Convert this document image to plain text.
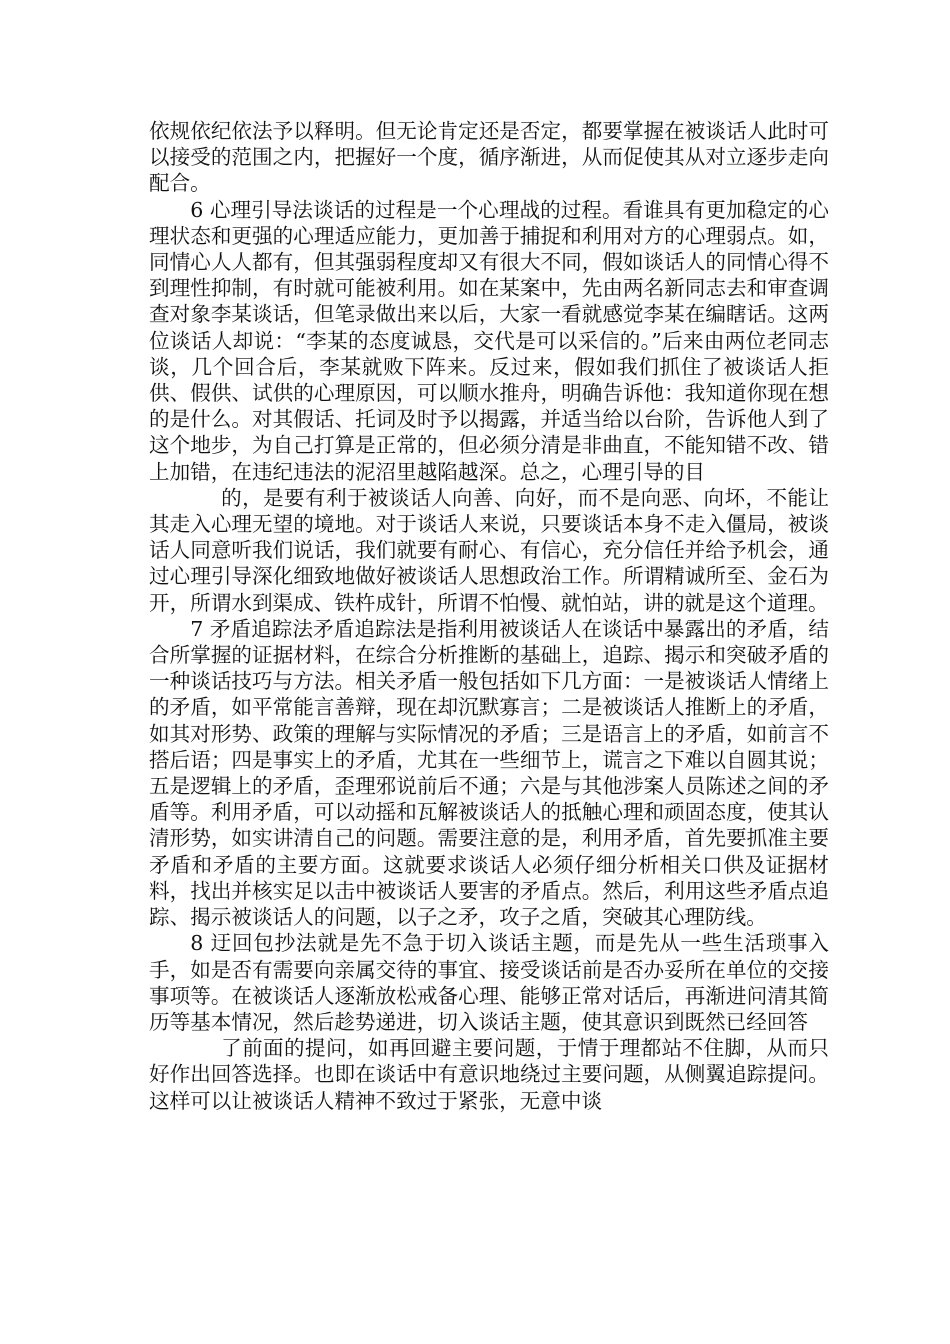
依规依纪依法予以释明。但无论肯定还是否定，都要掌握在被谈话人此时可以接受的范围之内，把握好一个度，循序渐进，从而促使其从对立逐步走向配合。

6 心理引导法谈话的过程是一个心理战的过程。看谁具有更加稳定的心理状态和更强的心理适应能力，更加善于捕捉和利用对方的心理弱点。如，同情心人人都有，但其强弱程度却又有很大不同，假如谈话人的同情心得不到理性抑制，有时就可能被利用。如在某案中，先由两名新同志去和审查调查对象李某谈话，但笔录做出来以后，大家一看就感觉李某在编瞎话。这两位谈话人却说：“李某的态度诚恳，交代是可以采信的。”后来由两位老同志谈，几个回合后，李某就败下阵来。反过来，假如我们抓住了被谈话人拒供、假供、试供的心理原因，可以顺水推舟，明确告诉他：我知道你现在想的是什么。对其假话、托词及时予以揭露，并适当给以台阶，告诉他人到了这个地步，为自己打算是正常的，但必须分清是非曲直，不能知错不改、错上加错，在违纪违法的泥沼里越陷越深。总之，心理引导的目

的，是要有利于被谈话人向善、向好，而不是向恶、向坏，不能让其走入心理无望的境地。对于谈话人来说，只要谈话本身不走入僵局，被谈话人同意听我们说话，我们就要有耐心、有信心，充分信任并给予机会，通过心理引导深化细致地做好被谈话人思想政治工作。所谓精诚所至、金石为开，所谓水到渠成、铁杵成针，所谓不怕慢、就怕站，讲的就是这个道理。

7 矛盾追踪法矛盾追踪法是指利用被谈话人在谈话中暴露出的矛盾，结合所掌握的证据材料，在综合分析推断的基础上，追踪、揭示和突破矛盾的一种谈话技巧与方法。相关矛盾一般包括如下几方面：一是被谈话人情绪上的矛盾，如平常能言善辩，现在却沉默寡言；二是被谈话人推断上的矛盾，如其对形势、政策的理解与实际情况的矛盾；三是语言上的矛盾，如前言不搭后语；四是事实上的矛盾，尤其在一些细节上，谎言之下难以自圆其说；五是逻辑上的矛盾，歪理邪说前后不通；六是与其他涉案人员陈述之间的矛盾等。利用矛盾，可以动摇和瓦解被谈话人的抵触心理和顽固态度，使其认清形势，如实讲清自己的问题。需要注意的是，利用矛盾，首先要抓准主要矛盾和矛盾的主要方面。这就要求谈话人必须仔细分析相关口供及证据材料，找出并核实足以击中被谈话人要害的矛盾点。然后，利用这些矛盾点追踪、揭示被谈话人的问题，以子之矛，攻子之盾，突破其心理防线。

8 迂回包抄法就是先不急于切入谈话主题，而是先从一些生活琐事入手，如是否有需要向亲属交待的事宜、接受谈话前是否办妥所在单位的交接事项等。在被谈话人逐渐放松戒备心理、能够正常对话后，再渐进问清其简历等基本情况，然后趁势递进，切入谈话主题，使其意识到既然已经回答

了前面的提问，如再回避主要问题，于情于理都站不住脚，从而只好作出回答选择。也即在谈话中有意识地绕过主要问题，从侧翼追踪提问。这样可以让被谈话人精神不致过于紧张，无意中谈
